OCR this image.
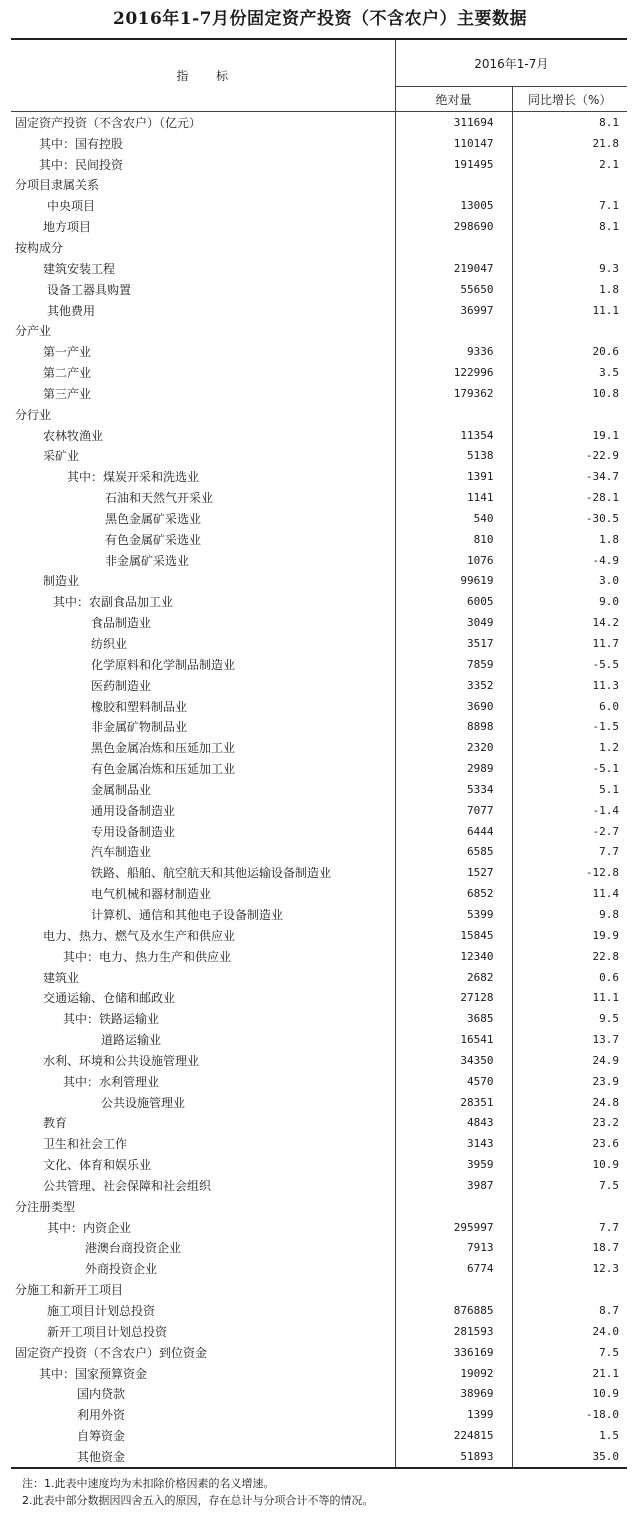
2016年1-7月份固定资产投资（不含农户）主要数据
指 标	2016年1-7月	
	绝对量	同比增长（%）
固定资产投资（不含农户）（亿元）	311694	8.1
其中：国有控股	110147	21.8
其中：民间投资	191495	2.1
分项目隶属关系		
中央项目	13005	7.1
地方项目	298690	8.1
按构成分		
建筑安装工程	219047	9.3
设备工器具购置	55650	1.8
其他费用	36997	11.1
分产业		
第一产业	9336	20.6
第二产业	122996	3.5
第三产业	179362	10.8
分行业		
农林牧渔业	11354	19.1
采矿业	5138	-22.9
其中：煤炭开采和洗选业	1391	-34.7
石油和天然气开采业	1141	-28.1
黑色金属矿采选业	540	-30.5
有色金属矿采选业	810	1.8
非金属矿采选业	1076	-4.9
制造业	99619	3.0
其中：农副食品加工业	6005	9.0
食品制造业	3049	14.2
纺织业	3517	11.7
化学原料和化学制品制造业	7859	-5.5
医药制造业	3352	11.3
橡胶和塑料制品业	3690	6.0
非金属矿物制品业	8898	-1.5
黑色金属冶炼和压延加工业	2320	1.2
有色金属冶炼和压延加工业	2989	-5.1
金属制品业	5334	5.1
通用设备制造业	7077	-1.4
专用设备制造业	6444	-2.7
汽车制造业	6585	7.7
铁路、船舶、航空航天和其他运输设备制造业	1527	-12.8
电气机械和器材制造业	6852	11.4
计算机、通信和其他电子设备制造业	5399	9.8
电力、热力、燃气及水生产和供应业	15845	19.9
其中：电力、热力生产和供应业	12340	22.8
建筑业	2682	0.6
交通运输、仓储和邮政业	27128	11.1
其中：铁路运输业	3685	9.5
道路运输业	16541	13.7
水利、环境和公共设施管理业	34350	24.9
其中：水利管理业	4570	23.9
公共设施管理业	28351	24.8
教育	4843	23.2
卫生和社会工作	3143	23.6
文化、体育和娱乐业	3959	10.9
公共管理、社会保障和社会组织	3987	7.5
分注册类型		
其中：内资企业	295997	7.7
港澳台商投资企业	7913	18.7
外商投资企业	6774	12.3
分施工和新开工项目		
施工项目计划总投资	876885	8.7
新开工项目计划总投资	281593	24.0
固定资产投资（不含农户）到位资金	336169	7.5
其中：国家预算资金	19092	21.1
国内贷款	38969	10.9
利用外资	1399	-18.0
自筹资金	224815	1.5
其他资金	51893	35.0
注：1.此表中速度均为未扣除价格因素的名义增速。
2.此表中部分数据因四舍五入的原因，存在总计与分项合计不等的情况。
